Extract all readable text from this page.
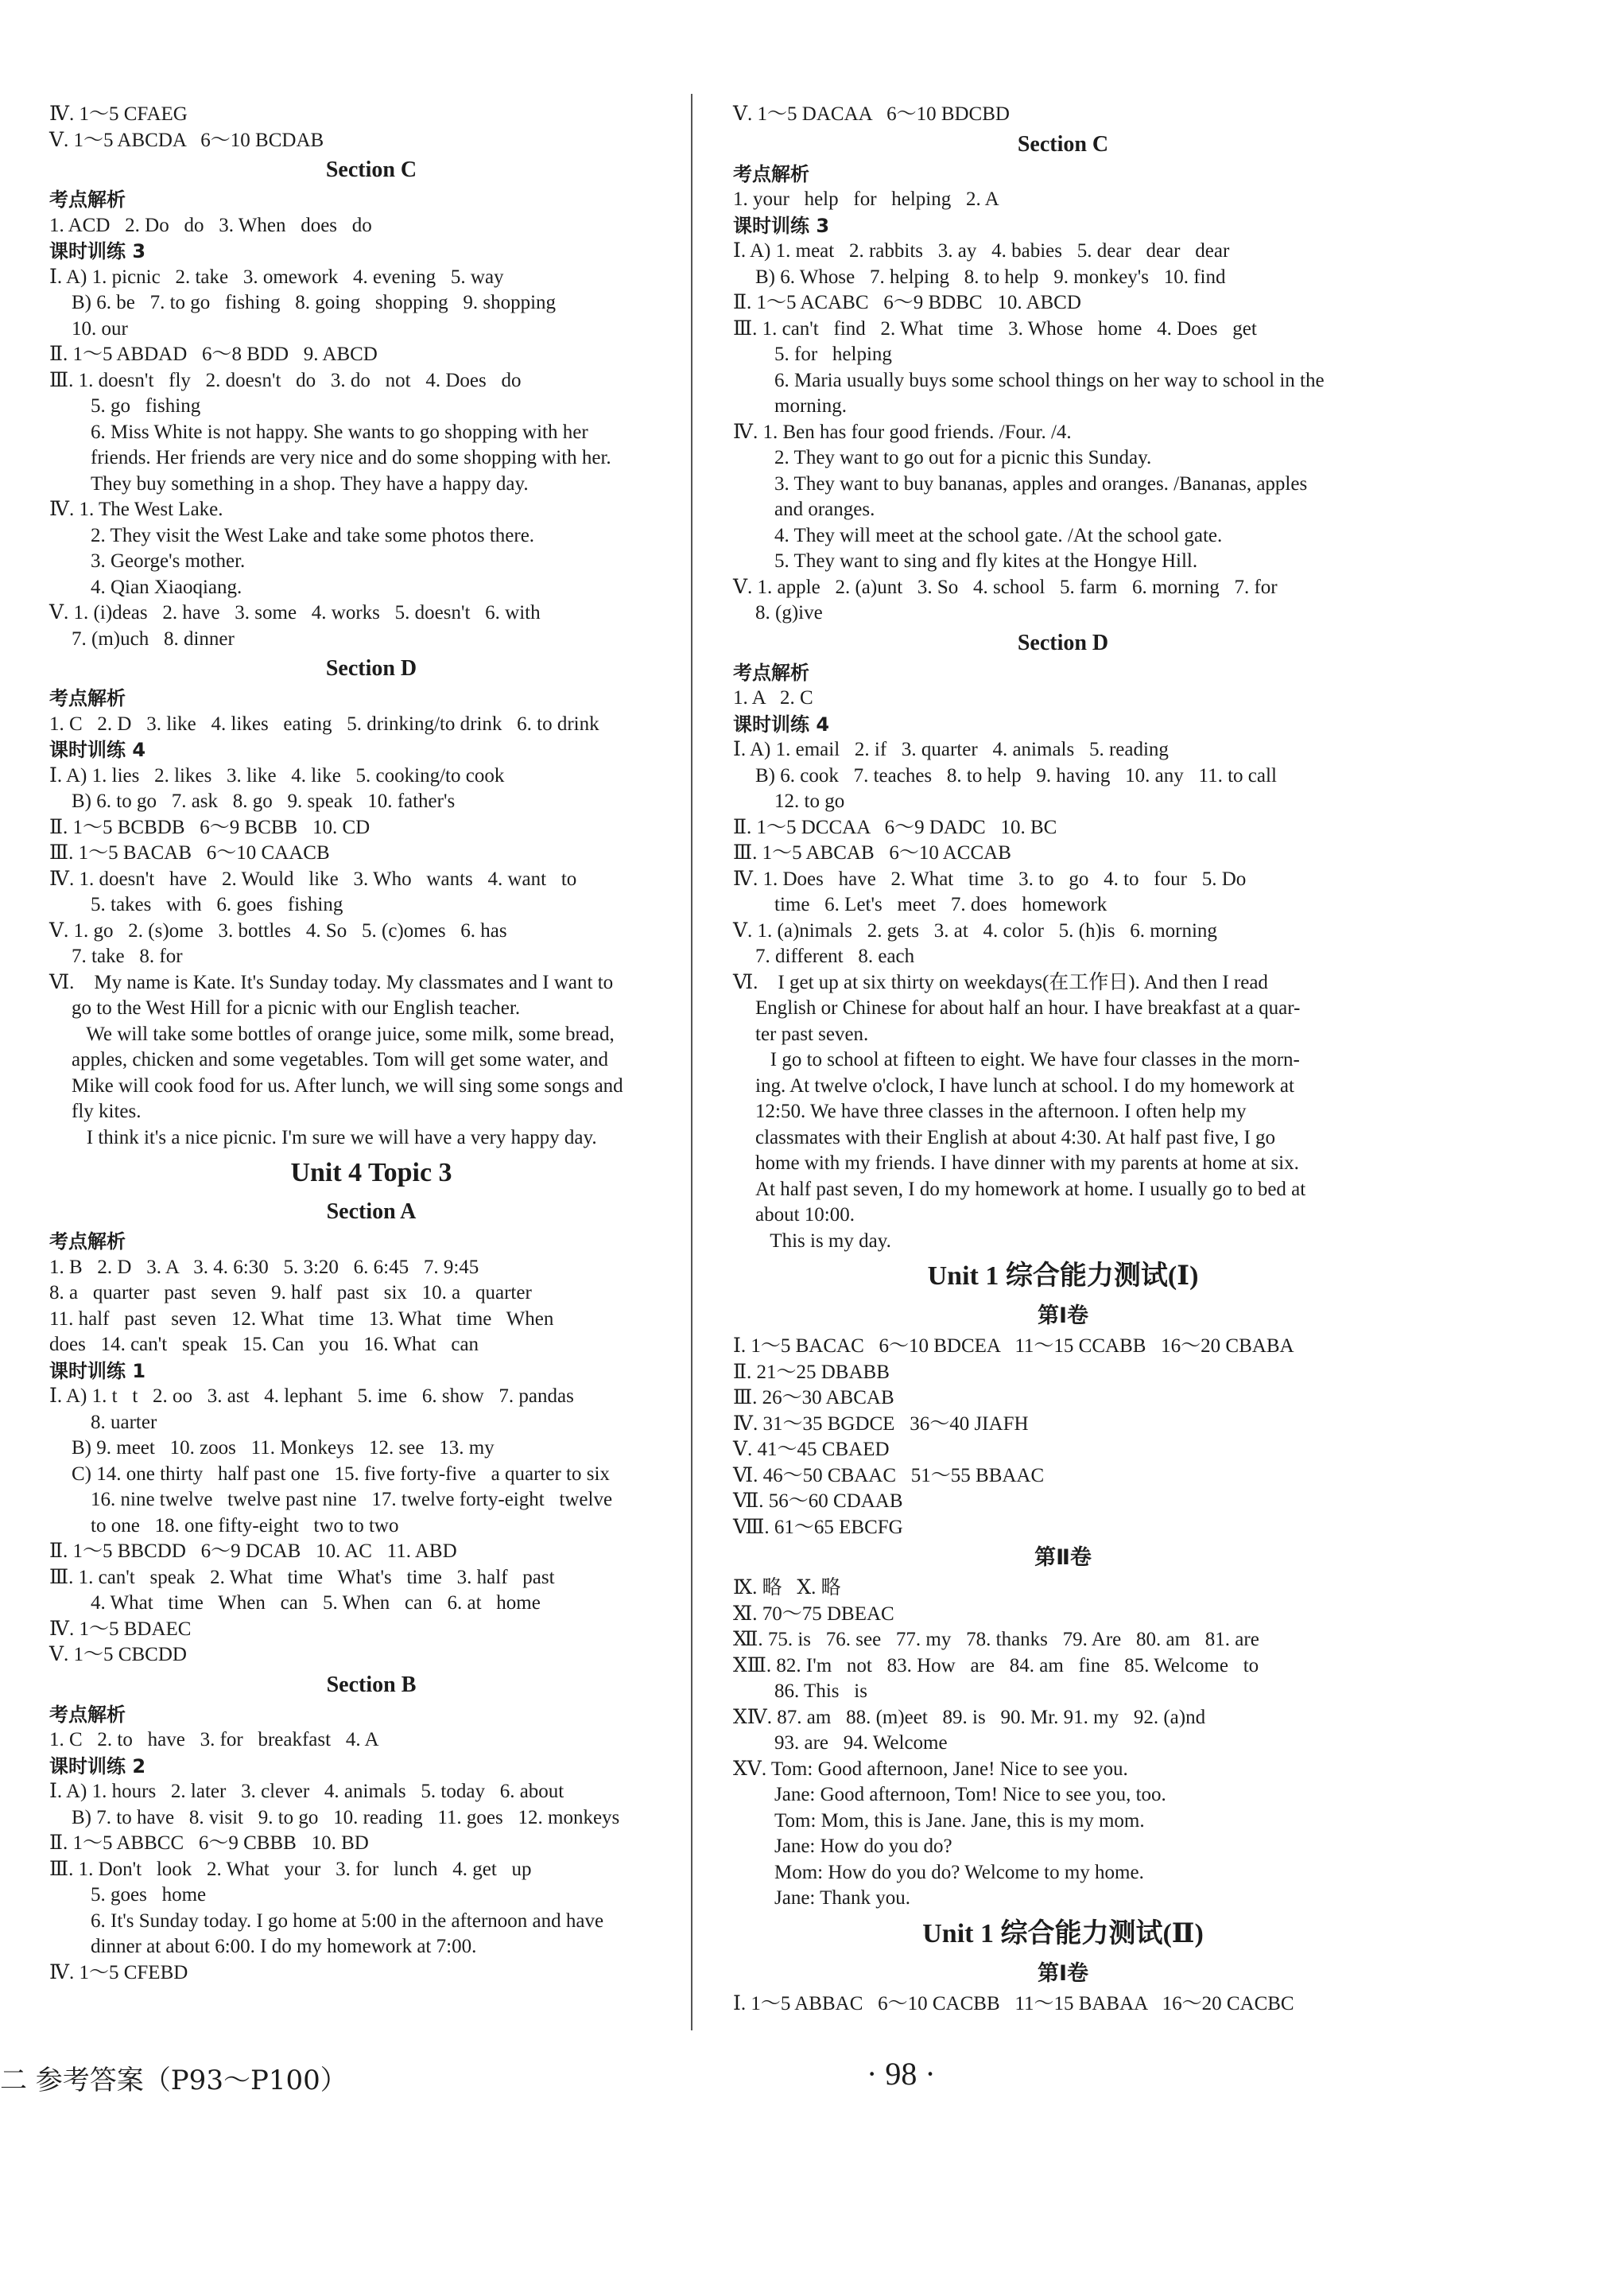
Ⅳ. 1～5 CFAEG
Ⅴ. 1～5 ABCDA   6～10 BCDAB
Section C
考点解析
1. ACD   2. Do   do   3. When   does   do
课时训练 3
Ⅰ. A) 1. picnic   2. take   3. omework   4. evening   5. way
B) 6. be   7. to go   fishing   8. going   shopping   9. shopping
10. our
Ⅱ. 1～5 ABDAD   6～8 BDD   9. ABCD
Ⅲ. 1. doesn't   fly   2. doesn't   do   3. do   not   4. Does   do
5. go   fishing
6. Miss White is not happy. She wants to go shopping with her
friends. Her friends are very nice and do some shopping with her.
They buy something in a shop. They have a happy day.
Ⅳ. 1. The West Lake.
2. They visit the West Lake and take some photos there.
3. George's mother.
4. Qian Xiaoqiang.
Ⅴ. 1. (i)deas   2. have   3. some   4. works   5. doesn't   6. with
7. (m)uch   8. dinner
Section D
考点解析
1. C   2. D   3. like   4. likes   eating   5. drinking/to drink   6. to drink
课时训练 4
Ⅰ. A) 1. lies   2. likes   3. like   4. like   5. cooking/to cook
B) 6. to go   7. ask   8. go   9. speak   10. father's
Ⅱ. 1～5 BCBDB   6～9 BCBB   10. CD
Ⅲ. 1～5 BACAB   6～10 CAACB
Ⅳ. 1. doesn't   have   2. Would   like   3. Who   wants   4. want   to
5. takes   with   6. goes   fishing
Ⅴ. 1. go   2. (s)ome   3. bottles   4. So   5. (c)omes   6. has
7. take   8. for
Ⅵ.    My name is Kate. It's Sunday today. My classmates and I want to
go to the West Hill for a picnic with our English teacher.
We will take some bottles of orange juice, some milk, some bread,
apples, chicken and some vegetables. Tom will get some water, and
Mike will cook food for us. After lunch, we will sing some songs and
fly kites.
I think it's a nice picnic. I'm sure we will have a very happy day.
Unit 4 Topic 3
Section A
考点解析
1. B   2. D   3. A   3. 4. 6:30   5. 3:20   6. 6:45   7. 9:45
8. a   quarter   past   seven   9. half   past   six   10. a   quarter
11. half   past   seven   12. What   time   13. What   time   When
does   14. can't   speak   15. Can   you   16. What   can
课时训练 1
Ⅰ. A) 1. t   t   2. oo   3. ast   4. lephant   5. ime   6. show   7. pandas
8. uarter
B) 9. meet   10. zoos   11. Monkeys   12. see   13. my
C) 14. one thirty   half past one   15. five forty-five   a quarter to six
16. nine twelve   twelve past nine   17. twelve forty-eight   twelve
to one   18. one fifty-eight   two to two
Ⅱ. 1～5 BBCDD   6～9 DCAB   10. AC   11. ABD
Ⅲ. 1. can't   speak   2. What   time   What's   time   3. half   past
4. What   time   When   can   5. When   can   6. at   home
Ⅳ. 1～5 BDAEC
Ⅴ. 1～5 CBCDD
Section B
考点解析
1. C   2. to   have   3. for   breakfast   4. A
课时训练 2
Ⅰ. A) 1. hours   2. later   3. clever   4. animals   5. today   6. about
B) 7. to have   8. visit   9. to go   10. reading   11. goes   12. monkeys
Ⅱ. 1～5 ABBCC   6～9 CBBB   10. BD
Ⅲ. 1. Don't   look   2. What   your   3. for   lunch   4. get   up
5. goes   home
6. It's Sunday today. I go home at 5:00 in the afternoon and have
dinner at about 6:00. I do my homework at 7:00.
Ⅳ. 1～5 CFEBD
Ⅴ. 1～5 DACAA   6～10 BDCBD
Section C
考点解析
1. your   help   for   helping   2. A
课时训练 3
Ⅰ. A) 1. meat   2. rabbits   3. ay   4. babies   5. dear   dear   dear
B) 6. Whose   7. helping   8. to help   9. monkey's   10. find
Ⅱ. 1～5 ACABC   6～9 BDBC   10. ABCD
Ⅲ. 1. can't   find   2. What   time   3. Whose   home   4. Does   get
5. for   helping
6. Maria usually buys some school things on her way to school in the
morning.
Ⅳ. 1. Ben has four good friends. /Four. /4.
2. They want to go out for a picnic this Sunday.
3. They want to buy bananas, apples and oranges. /Bananas, apples
and oranges.
4. They will meet at the school gate. /At the school gate.
5. They want to sing and fly kites at the Hongye Hill.
Ⅴ. 1. apple   2. (a)unt   3. So   4. school   5. farm   6. morning   7. for
8. (g)ive
Section D
考点解析
1. A   2. C
课时训练 4
Ⅰ. A) 1. email   2. if   3. quarter   4. animals   5. reading
B) 6. cook   7. teaches   8. to help   9. having   10. any   11. to call
12. to go
Ⅱ. 1～5 DCCAA   6～9 DADC   10. BC
Ⅲ. 1～5 ABCAB   6～10 ACCAB
Ⅳ. 1. Does   have   2. What   time   3. to   go   4. to   four   5. Do
time   6. Let's   meet   7. does   homework
Ⅴ. 1. (a)nimals   2. gets   3. at   4. color   5. (h)is   6. morning
7. different   8. each
Ⅵ.    I get up at six thirty on weekdays(在工作日). And then I read
English or Chinese for about half an hour. I have breakfast at a quar-
ter past seven.
I go to school at fifteen to eight. We have four classes in the morn-
ing. At twelve o'clock, I have lunch at school. I do my homework at
12:50. We have three classes in the afternoon. I often help my
classmates with their English at about 4:30. At half past five, I go
home with my friends. I have dinner with my parents at home at six.
At half past seven, I do my homework at home. I usually go to bed at
about 10:00.
This is my day.
Unit 1 综合能力测试(Ⅰ)
第Ⅰ卷
Ⅰ. 1～5 BACAC   6～10 BDCEA   11～15 CCABB   16～20 CBABA
Ⅱ. 21～25 DBABB
Ⅲ. 26～30 ABCAB
Ⅳ. 31～35 BGDCE   36～40 JIAFH
Ⅴ. 41～45 CBAED
Ⅵ. 46～50 CBAAC   51～55 BBAAC
Ⅶ. 56～60 CDAAB
Ⅷ. 61～65 EBCFG
第Ⅱ卷
Ⅸ. 略   Ⅹ. 略
Ⅺ. 70～75 DBEAC
Ⅻ. 75. is   76. see   77. my   78. thanks   79. Are   80. am   81. are
ⅩⅢ. 82. I'm   not   83. How   are   84. am   fine   85. Welcome   to
86. This   is
ⅩⅣ. 87. am   88. (m)eet   89. is   90. Mr. 91. my   92. (a)nd
93. are   94. Welcome
ⅩⅤ. Tom: Good afternoon, Jane! Nice to see you.
Jane: Good afternoon, Tom! Nice to see you, too.
Tom: Mom, this is Jane. Jane, this is my mom.
Jane: How do you do?
Mom: How do you do? Welcome to my home.
Jane: Thank you.
Unit 1 综合能力测试(Ⅱ)
第Ⅰ卷
Ⅰ. 1～5 ABBAC   6～10 CACBB   11～15 BABAA   16～20 CACBC
二 参考答案（P93～P100）	· 98 ·
